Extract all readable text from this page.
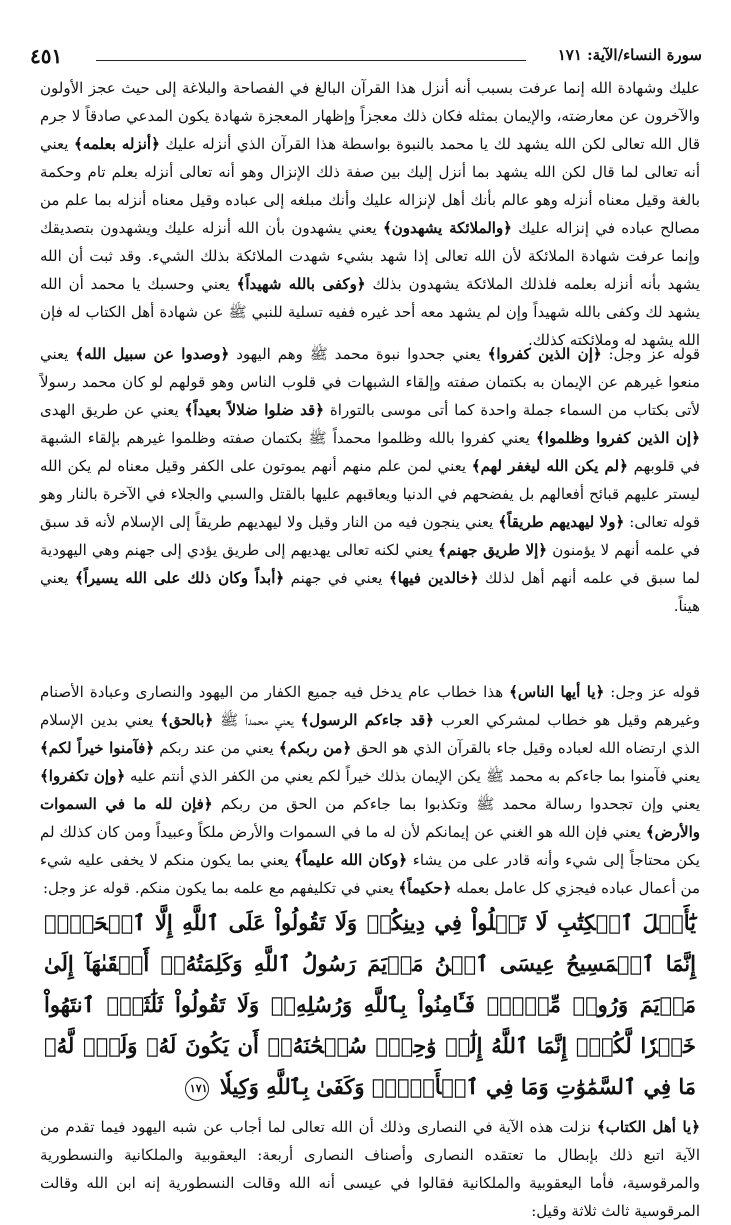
سورة النساء/الآية: ١٧١
٤٥١

عليك وشهادة الله إنما عرفت بسبب أنه أنزل هذا القرآن البالغ في الفصاحة والبلاغة إلى حيث عجز الأولون والآخرون عن معارضته، والإيمان بمثله فكان ذلك معجزاً وإظهار المعجزة شهادة يكون المدعي صادقاً لا جرم قال الله تعالى لكن الله يشهد لك يا محمد بالنبوة بواسطة هذا القرآن الذي أنزله عليك ﴿أنزله بعلمه﴾ يعني أنه تعالى لما قال لكن الله يشهد بما أنزل إليك بين صفة ذلك الإنزال وهو أنه تعالى أنزله بعلم تام وحكمة بالغة وقيل معناه أنزله وهو عالم بأنك أهل لإنزاله عليك وأنك مبلغه إلى عباده وقيل معناه أنزله بما علم من مصالح عباده في إنزاله عليك ﴿والملائكة يشهدون﴾ يعني يشهدون بأن الله أنزله عليك ويشهدون بتصديقك وإنما عرفت شهادة الملائكة لأن الله تعالى إذا شهد بشيء شهدت الملائكة بذلك الشيء. وقد ثبت أن الله يشهد بأنه أنزله بعلمه فلذلك الملائكة يشهدون بذلك ﴿وكفى بالله شهيداً﴾ يعني وحسبك يا محمد أن الله يشهد لك وكفى بالله شهيداً وإن لم يشهد معه أحد غيره ففيه تسلية للنبي ﷺ عن شهادة أهل الكتاب له فإن الله يشهد له وملائكته كذلك.

قوله عز وجل: ﴿إن الذين كفروا﴾ يعني جحدوا نبوة محمد ﷺ وهم اليهود ﴿وصدوا عن سبيل الله﴾ يعني منعوا غيرهم عن الإيمان به بكتمان صفته وإلقاء الشبهات في قلوب الناس وهو قولهم لو كان محمد رسولاً لأتى بكتاب من السماء جملة واحدة كما أتى موسى بالتوراة ﴿قد ضلوا ضلالاً بعيداً﴾ يعني عن طريق الهدى ﴿إن الذين كفروا وظلموا﴾ يعني كفروا بالله وظلموا محمداً ﷺ بكتمان صفته وظلموا غيرهم بإلقاء الشبهة في قلوبهم ﴿لم يكن الله ليغفر لهم﴾ يعني لمن علم منهم أنهم يموتون على الكفر وقيل معناه لم يكن الله ليستر عليهم قبائح أفعالهم بل يفضحهم في الدنيا ويعاقبهم عليها بالقتل والسبي والجلاء في الآخرة بالنار وهو قوله تعالى: ﴿ولا ليهديهم طريقاً﴾ يعني ينجون فيه من النار وقيل ولا ليهديهم طريقاً إلى الإسلام لأنه قد سبق في علمه أنهم لا يؤمنون ﴿إلا طريق جهنم﴾ يعني لكنه تعالى يهديهم إلى طريق يؤدي إلى جهنم وهي اليهودية لما سبق في علمه أنهم أهل لذلك ﴿خالدين فيها﴾ يعني في جهنم ﴿أبداً وكان ذلك على الله يسيراً﴾ يعني هيناً.

قوله عز وجل: ﴿يا أيها الناس﴾ هذا خطاب عام يدخل فيه جميع الكفار من اليهود والنصارى وعبادة الأصنام وغيرهم وقيل هو خطاب لمشركي العرب ﴿قد جاءكم الرسول﴾ يعني محمداً ﷺ ﴿بالحق﴾ يعني بدين الإسلام الذي ارتضاه الله لعباده وقيل جاء بالقرآن الذي هو الحق ﴿من ربكم﴾ يعني من عند ربكم ﴿فآمنوا خيراً لكم﴾ يعني فآمنوا بما جاءكم به محمد ﷺ يكن الإيمان بذلك خيراً لكم يعني من الكفر الذي أنتم عليه ﴿وإن تكفروا﴾ يعني وإن تجحدوا رسالة محمد ﷺ وتكذبوا بما جاءكم من الحق من ربكم ﴿فإن لله ما في السموات والأرض﴾ يعني فإن الله هو الغني عن إيمانكم لأن له ما في السموات والأرض ملكاً وعبيداً ومن كان كذلك لم يكن محتاجاً إلى شيء وأنه قادر على من يشاء ﴿وكان الله عليماً﴾ يعني بما يكون منكم لا يخفى عليه شيء من أعمال عباده فيجزي كل عامل بعمله ﴿حكيماً﴾ يعني في تكليفهم مع علمه بما يكون منكم. قوله عز وجل:

يَٰٓأَهۡلَ ٱلۡكِتَٰبِ لَا تَغۡلُواْ فِي دِينِكُمۡ وَلَا تَقُولُواْ عَلَى ٱللَّهِ إِلَّا ٱلۡحَقَّۚ إِنَّمَا ٱلۡمَسِيحُ عِيسَى ٱبۡنُ مَرۡيَمَ رَسُولُ ٱللَّهِ وَكَلِمَتُهُۥٓ أَلۡقَىٰهَآ إِلَىٰ مَرۡيَمَ وَرُوحٞ مِّنۡهُۖ فَـَٔامِنُواْ بِٱللَّهِ وَرُسُلِهِۦۖ وَلَا تَقُولُواْ ثَلَٰثَةٌۚ ٱنتَهُواْ خَيۡرٗا لَّكُمۡۚ إِنَّمَا ٱللَّهُ إِلَٰهٞ وَٰحِدٞۖ سُبۡحَٰنَهُۥٓ أَن يَكُونَ لَهُۥ وَلَدٞۘ لَّهُۥ مَا فِي ٱلسَّمَٰوَٰتِ وَمَا فِي ٱلۡأَرۡضِۗ وَكَفَىٰ بِٱللَّهِ وَكِيلٗا ١٧١

﴿يا أهل الكتاب﴾ نزلت هذه الآية في النصارى وذلك أن الله تعالى لما أجاب عن شبه اليهود فيما تقدم من الآية اتبع ذلك بإبطال ما تعتقده النصارى وأصناف النصارى أربعة: اليعقوبية والملكانية والنسطورية والمرقوسية، فأما اليعقوبية والملكانية فقالوا في عيسى أنه الله وقالت النسطورية إنه ابن الله وقالت المرقوسية ثالث ثلاثة وقيل:
